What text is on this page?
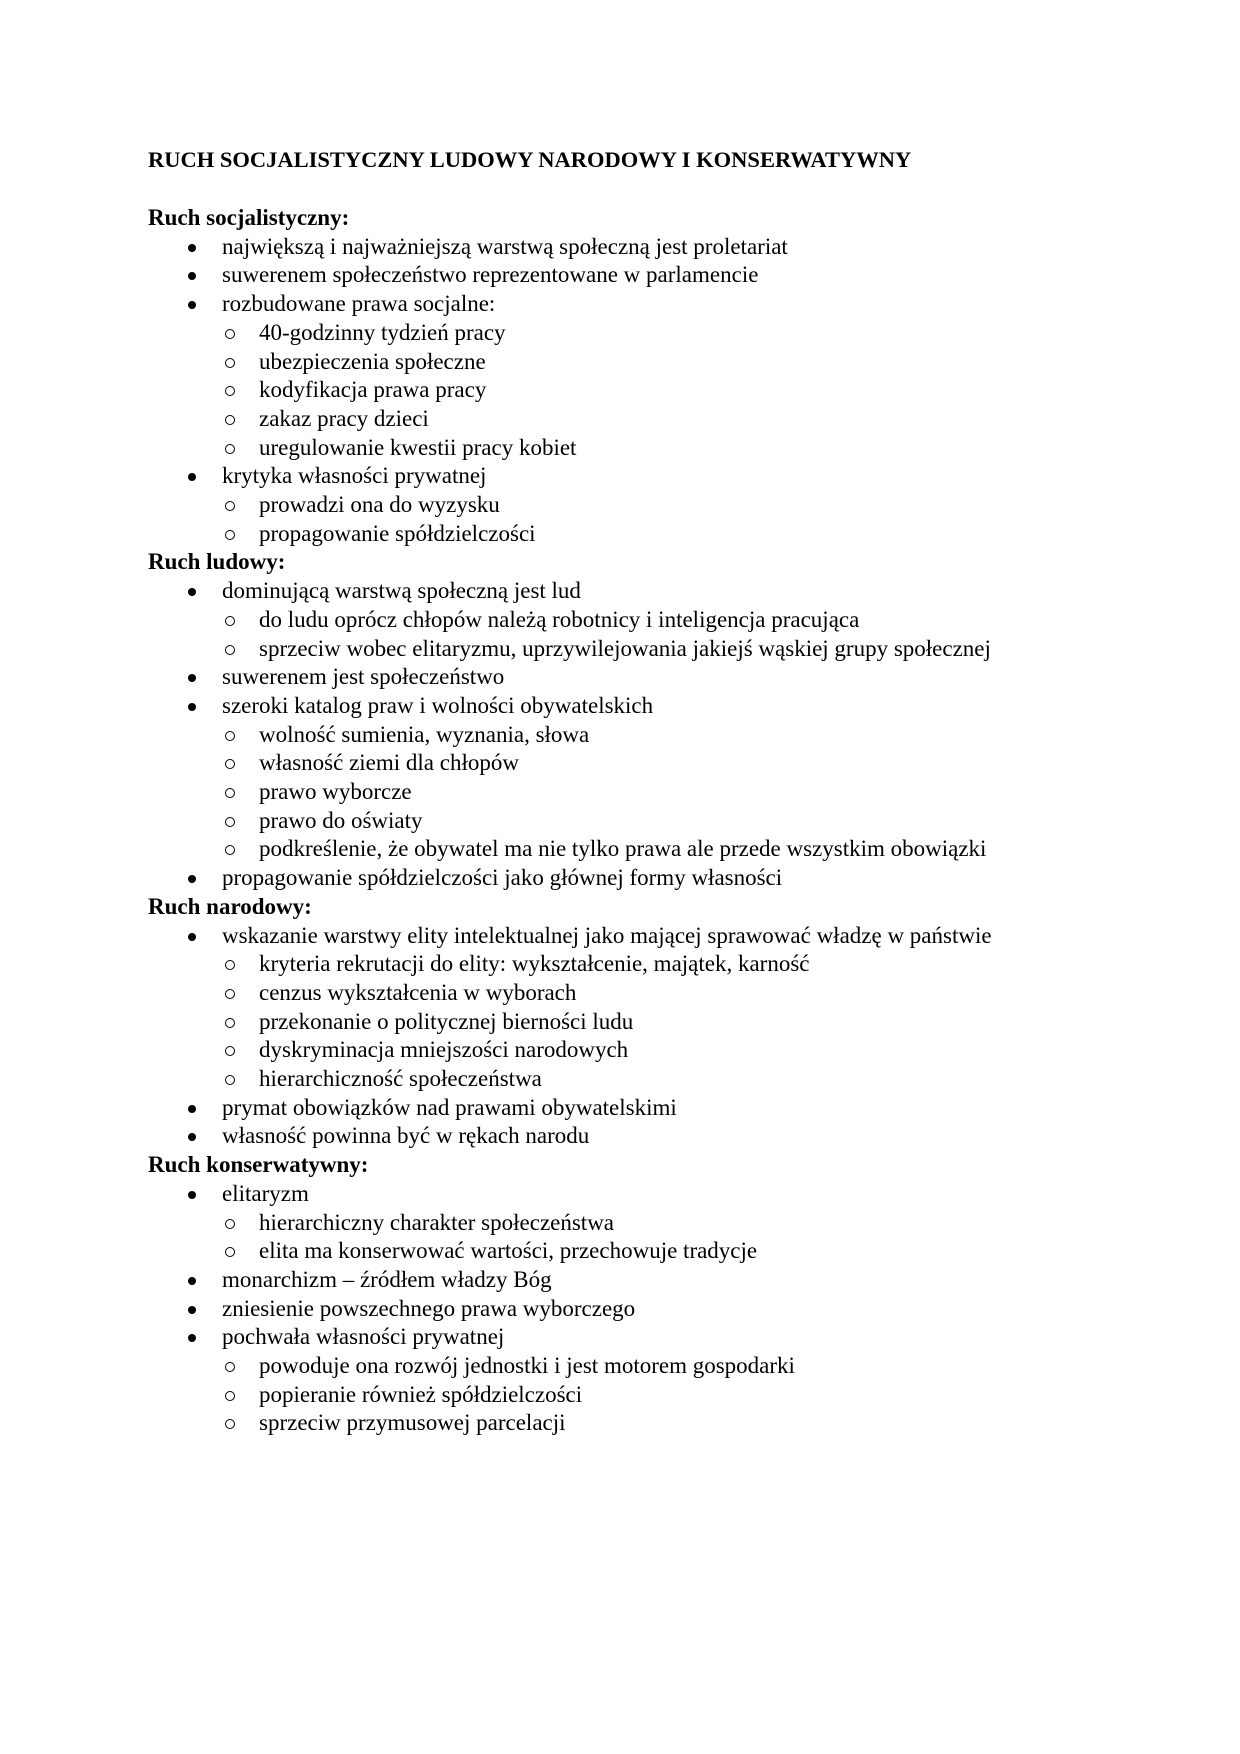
RUCH SOCJALISTYCZNY LUDOWY NARODOWY I KONSERWATYWNY
Ruch socjalistyczny:
największą i najważniejszą warstwą społeczną jest proletariat
suwerenem społeczeństwo reprezentowane w parlamencie
rozbudowane prawa socjalne:
40-godzinny tydzień pracy
ubezpieczenia społeczne
kodyfikacja prawa pracy
zakaz pracy dzieci
uregulowanie kwestii pracy kobiet
krytyka własności prywatnej
prowadzi ona do wyzysku
propagowanie spółdzielczości
Ruch ludowy:
dominującą warstwą społeczną jest lud
do ludu oprócz chłopów należą robotnicy i inteligencja pracująca
sprzeciw wobec elitaryzmu, uprzywilejowania jakiejś wąskiej grupy społecznej
suwerenem jest społeczeństwo
szeroki katalog praw i wolności obywatelskich
wolność sumienia, wyznania, słowa
własność ziemi dla chłopów
prawo wyborcze
prawo do oświaty
podkreślenie, że obywatel ma nie tylko prawa ale przede wszystkim obowiązki
propagowanie spółdzielczości jako głównej formy własności
Ruch narodowy:
wskazanie warstwy elity intelektualnej jako mającej sprawować władzę w państwie
kryteria rekrutacji do elity: wykształcenie, majątek, karność
cenzus wykształcenia w wyborach
przekonanie o politycznej bierności ludu
dyskryminacja mniejszości narodowych
hierarchiczność społeczeństwa
prymat obowiązków nad prawami obywatelskimi
własność powinna być w rękach narodu
Ruch konserwatywny:
elitaryzm
hierarchiczny charakter społeczeństwa
elita ma konserwować wartości, przechowuje tradycje
monarchizm – źródłem władzy Bóg
zniesienie powszechnego prawa wyborczego
pochwała własności prywatnej
powoduje ona rozwój jednostki i jest motorem gospodarki
popieranie również spółdzielczości
sprzeciw przymusowej parcelacji
